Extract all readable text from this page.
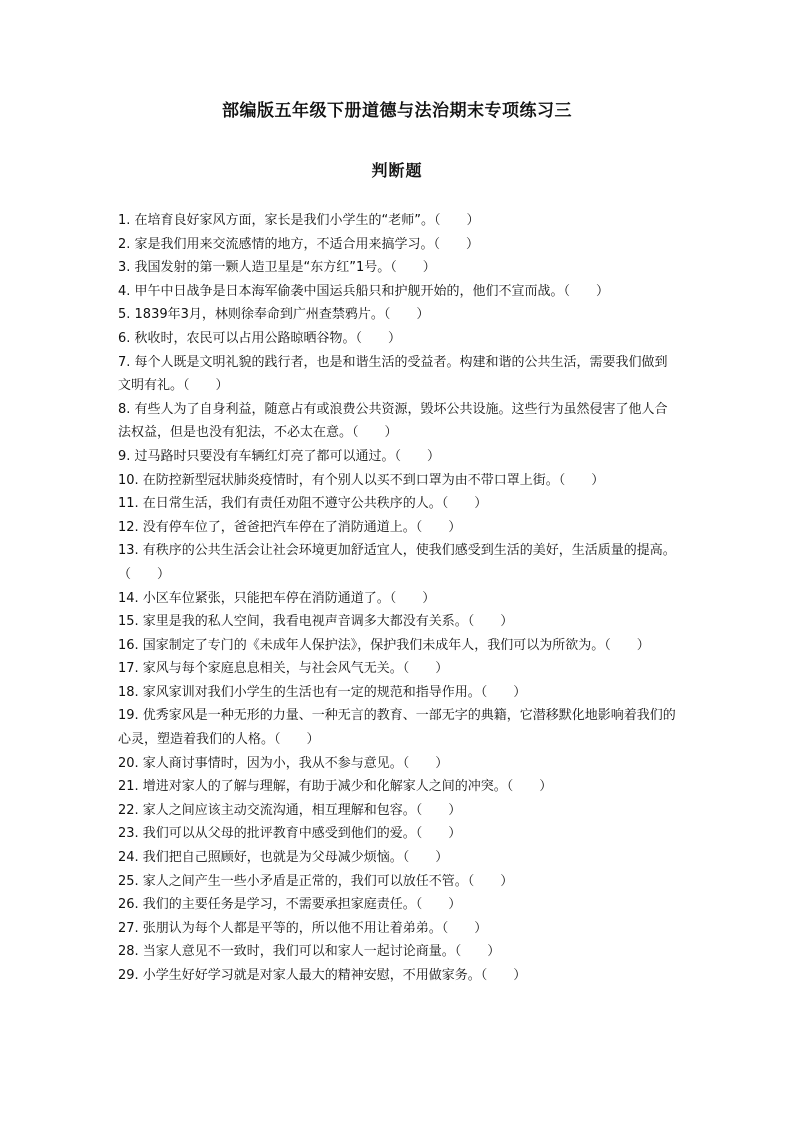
部编版五年级下册道德与法治期末专项练习三
判断题
1. 在培育良好家风方面，家长是我们小学生的“老师”。（　　）
2. 家是我们用来交流感情的地方，不适合用来搞学习。（　　）
3. 我国发射的第一颗人造卫星是“东方红”1号。（　　）
4. 甲午中日战争是日本海军偷袭中国运兵船只和护舰开始的，他们不宣而战。（　　）
5. 1839年3月，林则徐奉命到广州查禁鸦片。（　　）
6. 秋收时，农民可以占用公路晾晒谷物。（　　）
7. 每个人既是文明礼貌的践行者，也是和谐生活的受益者。构建和谐的公共生活，需要我们做到文明有礼。（　　）
8. 有些人为了自身利益，随意占有或浪费公共资源，毁坏公共设施。这些行为虽然侵害了他人合法权益，但是也没有犯法，不必太在意。（　　）
9. 过马路时只要没有车辆红灯亮了都可以通过。（　　）
10. 在防控新型冠状肺炎疫情时，有个别人以买不到口罩为由不带口罩上街。（　　）
11. 在日常生活，我们有责任劝阻不遵守公共秩序的人。（　　）
12. 没有停车位了，爸爸把汽车停在了消防通道上。（　　）
13. 有秩序的公共生活会让社会环境更加舒适宜人，使我们感受到生活的美好，生活质量的提高。（　　）
14. 小区车位紧张，只能把车停在消防通道了。（　　）
15. 家里是我的私人空间，我看电视声音调多大都没有关系。（　　）
16. 国家制定了专门的《未成年人保护法》，保护我们未成年人，我们可以为所欲为。（　　）
17. 家风与每个家庭息息相关，与社会风气无关。（　　）
18. 家风家训对我们小学生的生活也有一定的规范和指导作用。（　　）
19. 优秀家风是一种无形的力量、一种无言的教育、一部无字的典籍，它潜移默化地影响着我们的心灵，塑造着我们的人格。（　　）
20. 家人商讨事情时，因为小，我从不参与意见。（　　）
21. 增进对家人的了解与理解，有助于减少和化解家人之间的冲突。（　　）
22. 家人之间应该主动交流沟通，相互理解和包容。（　　）
23. 我们可以从父母的批评教育中感受到他们的爱。（　　）
24. 我们把自己照顾好，也就是为父母减少烦恼。（　　）
25. 家人之间产生一些小矛盾是正常的，我们可以放任不管。（　　）
26. 我们的主要任务是学习，不需要承担家庭责任。（　　）
27. 张朋认为每个人都是平等的，所以他不用让着弟弟。（　　）
28. 当家人意见不一致时，我们可以和家人一起讨论商量。（　　）
29. 小学生好好学习就是对家人最大的精神安慰，不用做家务。（　　）
